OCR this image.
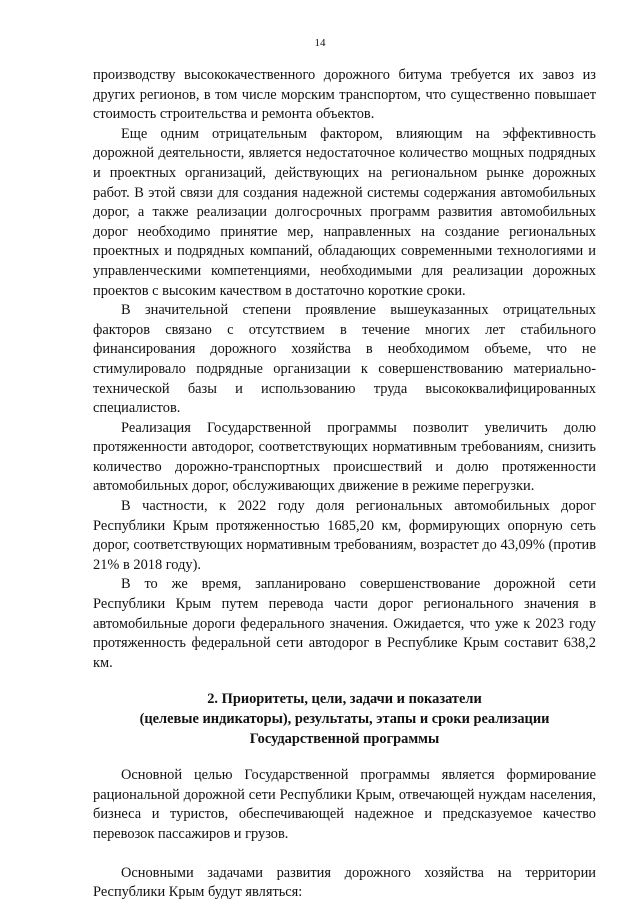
14

производству высококачественного дорожного битума требуется их завоз из других регионов, в том числе морским транспортом, что существенно повышает стоимость строительства и ремонта объектов.

Еще одним отрицательным фактором, влияющим на эффективность дорожной деятельности, является недостаточное количество мощных подрядных и проектных организаций, действующих на региональном рынке дорожных работ. В этой связи для создания надежной системы содержания автомобильных дорог, а также реализации долгосрочных программ развития автомобильных дорог необходимо принятие мер, направленных на создание региональных проектных и подрядных компаний, обладающих современными технологиями и управленческими компетенциями, необходимыми для реализации дорожных проектов с высоким качеством в достаточно короткие сроки.

В значительной степени проявление вышеуказанных отрицательных факторов связано с отсутствием в течение многих лет стабильного финансирования дорожного хозяйства в необходимом объеме, что не стимулировало подрядные организации к совершенствованию материально-технической базы и использованию труда высококвалифицированных специалистов.

Реализация Государственной программы позволит увеличить долю протяженности автодорог, соответствующих нормативным требованиям, снизить количество дорожно-транспортных происшествий и долю протяженности автомобильных дорог, обслуживающих движение в режиме перегрузки.

В частности, к 2022 году доля региональных автомобильных дорог Республики Крым протяженностью 1685,20 км, формирующих опорную сеть дорог, соответствующих нормативным требованиям, возрастет до 43,09% (против 21% в 2018 году).

В то же время, запланировано совершенствование дорожной сети Республики Крым путем перевода части дорог регионального значения в автомобильные дороги федерального значения. Ожидается, что уже к 2023 году протяженность федеральной сети автодорог в Республике Крым составит 638,2 км.

2. Приоритеты, цели, задачи и показатели
(целевые индикаторы), результаты, этапы и сроки реализации
Государственной программы

Основной целью Государственной программы является формирование рациональной дорожной сети Республики Крым, отвечающей нуждам населения, бизнеса и туристов, обеспечивающей надежное и предсказуемое качество перевозок пассажиров и грузов.

Основными задачами развития дорожного хозяйства на территории Республики Крым будут являться:
